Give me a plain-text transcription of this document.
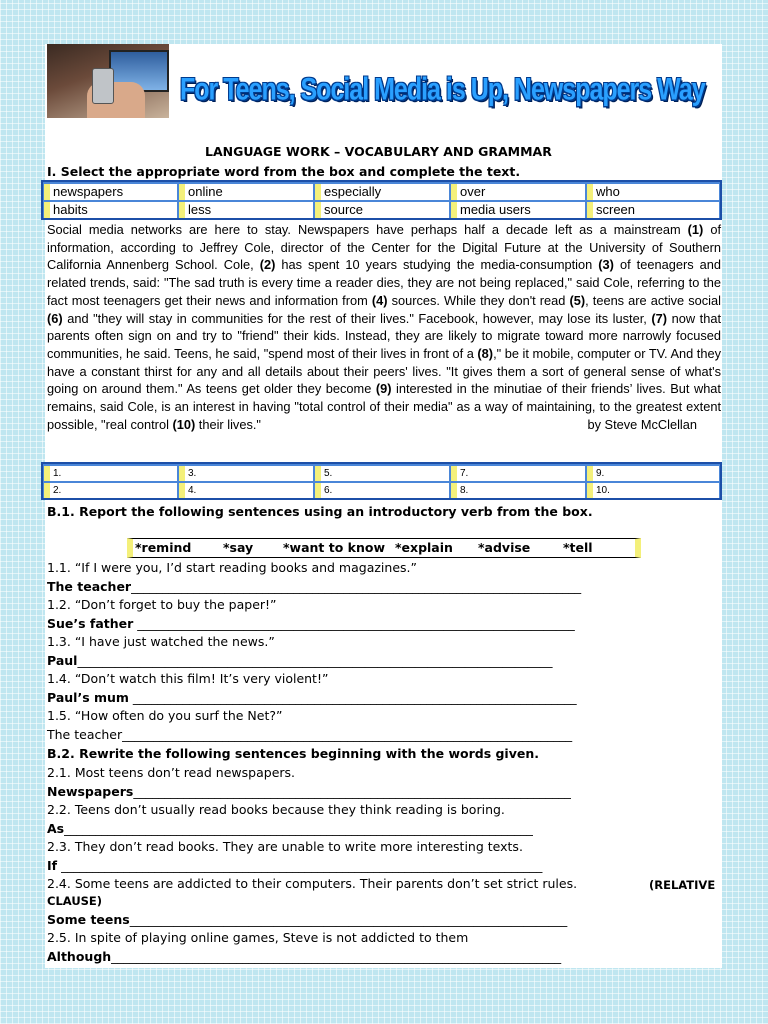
For Teens, Social Media is Up, Newspapers Way
LANGUAGE WORK – VOCABULARY AND GRAMMAR
I. Select the appropriate word from the box and complete the text.
newspapers	online	especially	over	who
habits	less	source	media users	screen
Social media networks are here to stay. Newspapers have perhaps half a decade left as a mainstream (1) of information, according to Jeffrey Cole, director of the Center for the Digital Future at the University of Southern California Annenberg School. Cole, (2) has spent 10 years studying the media-consumption (3) of teenagers and related trends, said: "The sad truth is every time a reader dies, they are not being replaced," said Cole, referring to the fact most teenagers get their news and information from (4) sources. While they don't read (5), teens are active social (6) and "they will stay in communities for the rest of their lives." Facebook, however, may lose its luster, (7) now that parents often sign on and try to "friend" their kids. Instead, they are likely to migrate toward more narrowly focused communities, he said. Teens, he said, "spend most of their lives in front of a (8)," be it mobile, computer or TV. And they have a constant thirst for any and all details about their peers' lives. "It gives them a sort of general sense of what's going on around them." As teens get older they become (9) interested in the minutiae of their friends’ lives. But what remains, said Cole, is an interest in having "total control of their media" as a way of maintaining, to the greatest extent possible, "real control (10) their lives."	by Steve McClellan
1.	3.	5.	7.	9.
2.	4.	6.	8.	10.
B.1. Report the following sentences using an introductory verb from the box.
*remind	*say *want to know *explain *advise	*tell
1.1. “If I were you, I’d start reading books and magazines.”
The teacher________________________________________________________________________
1.2. “Don’t forget to buy the paper!”
Sue’s father ______________________________________________________________________
1.3. “I have just watched the news.”
Paul____________________________________________________________________________
1.4. “Don’t watch this film! It’s very violent!”
Paul’s mum _______________________________________________________________________
1.5. “How often do you surf the Net?”
The teacher________________________________________________________________________
B.2. Rewrite the following sentences beginning with the words given.
2.1. Most teens don’t read newspapers.
Newspapers______________________________________________________________________
2.2. Teens don’t usually read books because they think reading is boring.
As___________________________________________________________________________
2.3. They don’t read books. They are unable to write more interesting texts.
If _____________________________________________________________________________
2.4. Some teens are addicted to their computers. Their parents don’t set strict rules.	(RELATIVE
CLAUSE)
Some teens______________________________________________________________________
2.5. In spite of playing online games, Steve is not addicted to them
Although________________________________________________________________________
